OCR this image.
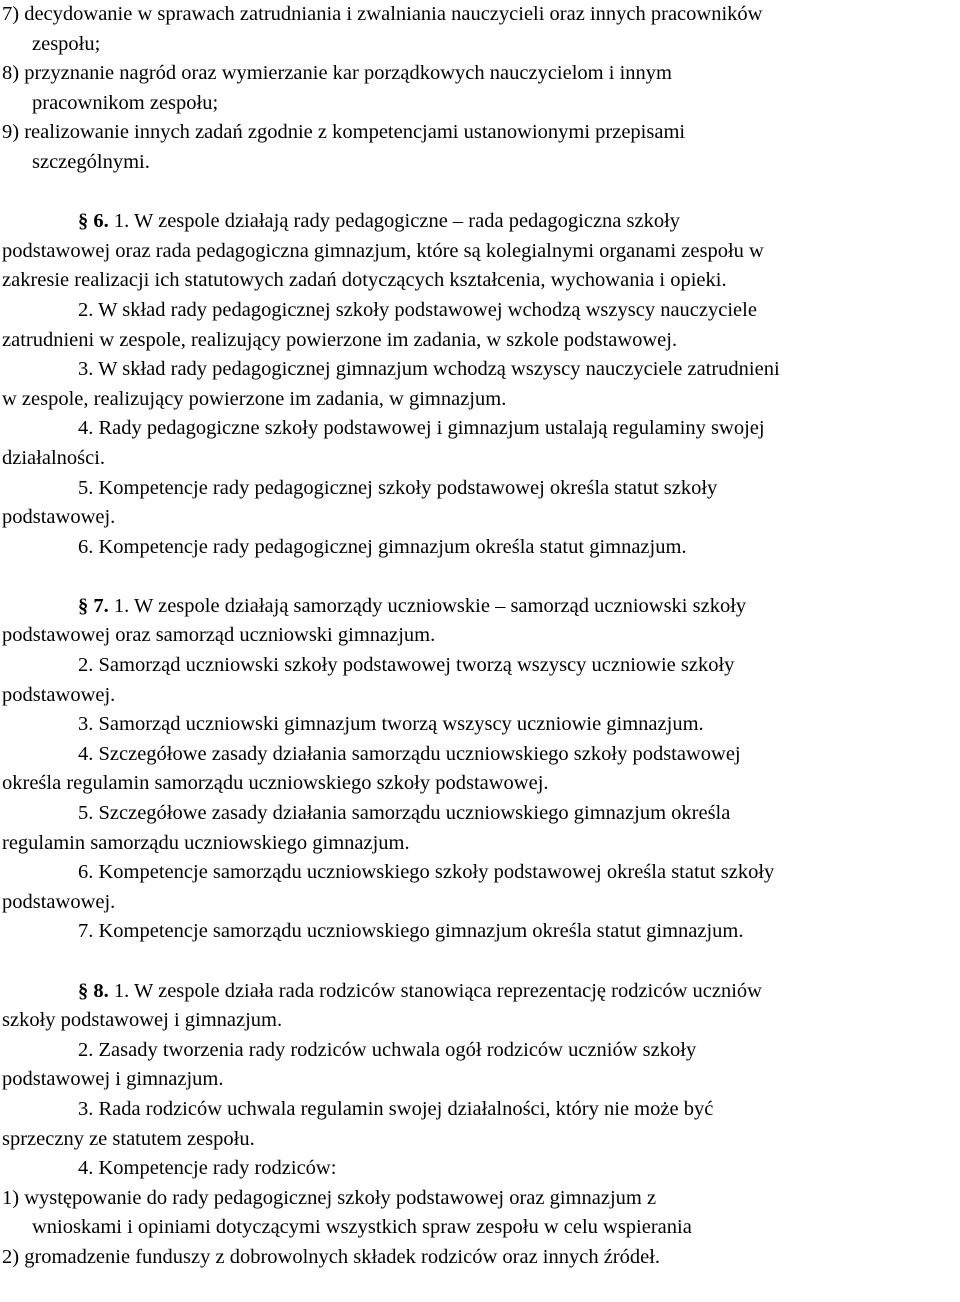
7) decydowanie w sprawach zatrudniania i zwalniania nauczycieli oraz innych pracowników
zespołu;
8) przyznanie nagród oraz wymierzanie kar porządkowych nauczycielom i innym
pracownikom zespołu;
9) realizowanie innych zadań zgodnie z kompetencjami ustanowionymi przepisami
szczególnymi.
§ 6. 1. W zespole działają rady pedagogiczne – rada pedagogiczna szkoły
podstawowej oraz rada pedagogiczna gimnazjum, które są kolegialnymi organami zespołu w
zakresie realizacji ich statutowych zadań dotyczących kształcenia, wychowania i opieki.
2. W skład rady pedagogicznej szkoły podstawowej wchodzą wszyscy nauczyciele
zatrudnieni w zespole, realizujący powierzone im zadania, w szkole podstawowej.
3. W skład rady pedagogicznej gimnazjum wchodzą wszyscy nauczyciele zatrudnieni
w zespole, realizujący powierzone im zadania, w gimnazjum.
4. Rady pedagogiczne szkoły podstawowej i gimnazjum ustalają regulaminy swojej
działalności.
5. Kompetencje rady pedagogicznej szkoły podstawowej określa statut szkoły
podstawowej.
6. Kompetencje rady pedagogicznej gimnazjum określa statut gimnazjum.
§ 7. 1. W zespole działają samorządy uczniowskie – samorząd uczniowski szkoły
podstawowej oraz samorząd uczniowski gimnazjum.
2. Samorząd uczniowski szkoły podstawowej tworzą wszyscy uczniowie szkoły
podstawowej.
3. Samorząd uczniowski gimnazjum tworzą wszyscy uczniowie gimnazjum.
4. Szczegółowe zasady działania samorządu uczniowskiego szkoły podstawowej
określa regulamin samorządu uczniowskiego szkoły podstawowej.
5. Szczegółowe zasady działania samorządu uczniowskiego gimnazjum określa
regulamin samorządu uczniowskiego gimnazjum.
6. Kompetencje samorządu uczniowskiego szkoły podstawowej określa statut szkoły
podstawowej.
7. Kompetencje samorządu uczniowskiego gimnazjum określa statut gimnazjum.
§ 8. 1. W zespole działa rada rodziców stanowiąca reprezentację rodziców uczniów
szkoły podstawowej i gimnazjum.
2. Zasady tworzenia rady rodziców uchwala ogół rodziców uczniów szkoły
podstawowej i gimnazjum.
3. Rada rodziców uchwala regulamin swojej działalności, który nie może być
sprzeczny ze statutem zespołu.
4. Kompetencje rady rodziców:
1) występowanie do rady pedagogicznej szkoły podstawowej oraz gimnazjum z
wnioskami i opiniami dotyczącymi wszystkich spraw zespołu w celu wspierania
2) gromadzenie funduszy z dobrowolnych składek rodziców oraz innych źródeł.
